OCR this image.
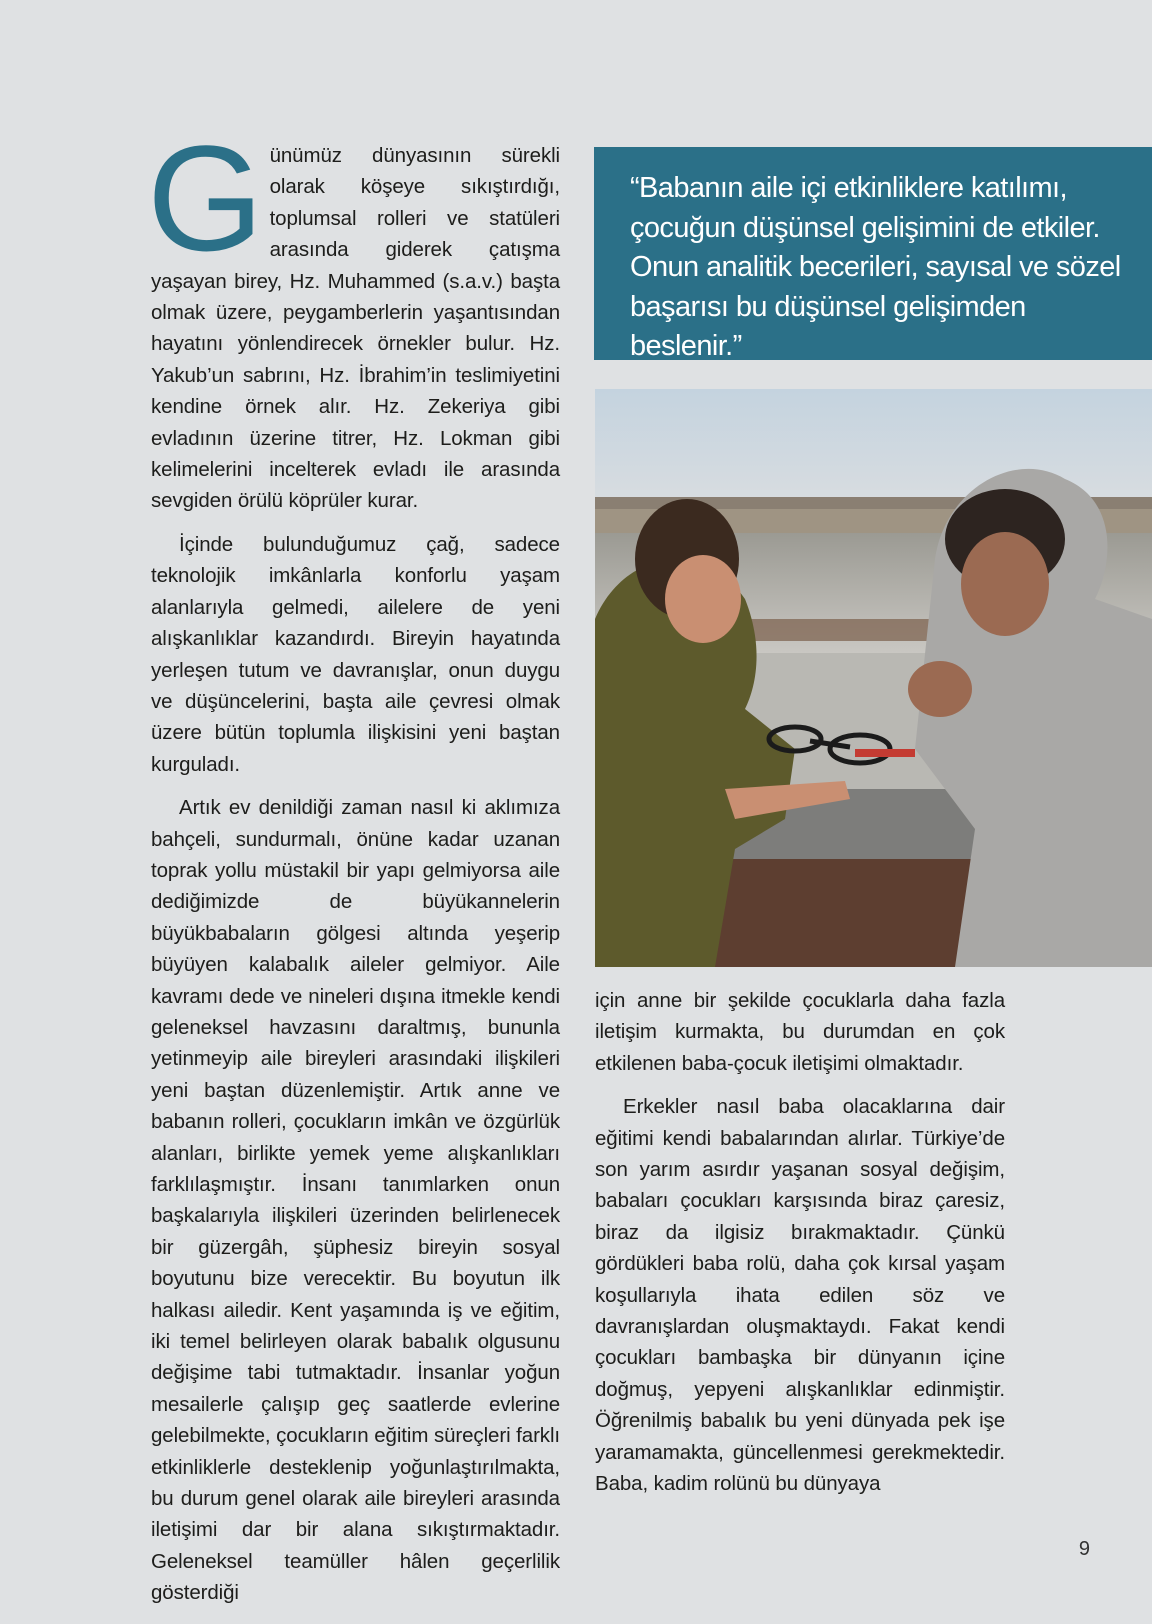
Günümüz dünyasının sürekli olarak köşeye sıkıştırdığı, toplumsal rolleri ve statüleri arasında giderek çatışma yaşayan birey, Hz. Muhammed (s.a.v.) başta olmak üzere, peygamberlerin yaşantısından hayatını yönlendirecek örnekler bulur. Hz. Yakub’un sabrını, Hz. İbrahim’in teslimiyetini kendine örnek alır. Hz. Zekeriya gibi evladının üzerine titrer, Hz. Lokman gibi kelimelerini incelterek evladı ile arasında sevgiden örülü köprüler kurar.

İçinde bulunduğumuz çağ, sadece teknolojik imkânlarla konforlu yaşam alanlarıyla gelmedi, ailelere de yeni alışkanlıklar kazandırdı. Bireyin hayatında yerleşen tutum ve davranışlar, onun duygu ve düşüncelerini, başta aile çevresi olmak üzere bütün toplumla ilişkisini yeni baştan kurguladı.

Artık ev denildiği zaman nasıl ki aklımıza bahçeli, sundurmalı, önüne kadar uzanan toprak yollu müstakil bir yapı gelmiyorsa aile dediğimizde de büyükannelerin büyükbabaların gölgesi altında yeşerip büyüyen kalabalık aileler gelmiyor. Aile kavramı dede ve nineleri dışına itmekle kendi geleneksel havzasını daraltmış, bununla yetinmeyip aile bireyleri arasındaki ilişkileri yeni baştan düzenlemiştir. Artık anne ve babanın rolleri, çocukların imkân ve özgürlük alanları, birlikte yemek yeme alışkanlıkları farklılaşmıştır. İnsanı tanımlarken onun başkalarıyla ilişkileri üzerinden belirlenecek bir güzergâh, şüphesiz bireyin sosyal boyutunu bize verecektir. Bu boyutun ilk halkası ailedir. Kent yaşamında iş ve eğitim, iki temel belirleyen olarak babalık olgusunu değişime tabi tutmaktadır. İnsanlar yoğun mesailerle çalışıp geç saatlerde evlerine gelebilmekte, çocukların eğitim süreçleri farklı etkinliklerle desteklenip yoğunlaştırılmakta, bu durum genel olarak aile bireyleri arasında iletişimi dar bir alana sıkıştırmaktadır. Geleneksel teamüller hâlen geçerlilik gösterdiği

“Babanın aile içi etkinliklere katılımı, çocuğun düşünsel gelişimini de etkiler. Onun analitik becerileri, sayısal ve sözel başarısı bu düşünsel gelişimden beslenir.”

için anne bir şekilde çocuklarla daha fazla iletişim kurmakta, bu durumdan en çok etkilenen baba-çocuk iletişimi olmaktadır.

Erkekler nasıl baba olacaklarına dair eğitimi kendi babalarından alırlar. Türkiye’de son yarım asırdır yaşanan sosyal değişim, babaları çocukları karşısında biraz çaresiz, biraz da ilgisiz bırakmaktadır. Çünkü gördükleri baba rolü, daha çok kırsal yaşam koşullarıyla ihata edilen söz ve davranışlardan oluşmaktaydı. Fakat kendi çocukları bambaşka bir dünyanın içine doğmuş, yepyeni alışkanlıklar edinmiştir. Öğrenilmiş babalık bu yeni dünyada pek işe yaramamakta, güncellenmesi gerekmektedir. Baba, kadim rolünü bu dünyaya

9
